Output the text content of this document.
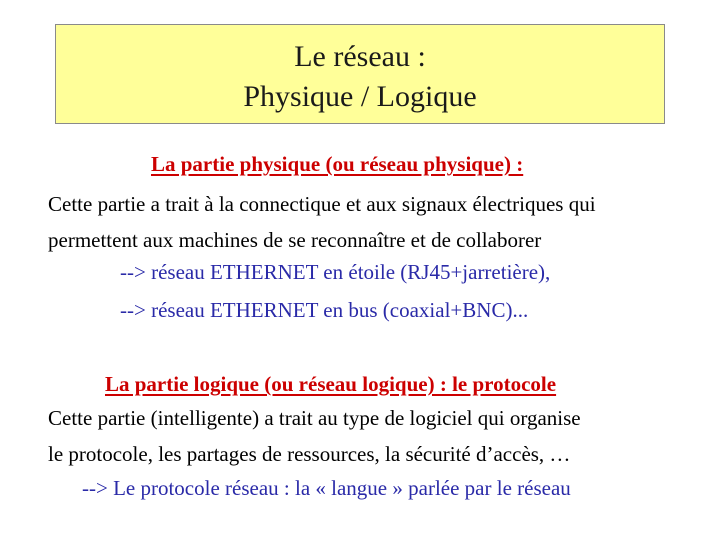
Le réseau :
Physique / Logique
La partie physique (ou réseau physique) :
Cette partie a trait à la connectique et aux signaux électriques qui
permettent aux machines de se reconnaître et de collaborer
--> réseau ETHERNET en étoile (RJ45+jarretière),
--> réseau ETHERNET en bus (coaxial+BNC)...
La partie logique (ou réseau logique) : le protocole
Cette partie (intelligente) a trait au type de logiciel qui organise
le protocole, les partages de ressources, la sécurité d’accès, …
--> Le protocole réseau : la « langue » parlée par le réseau
